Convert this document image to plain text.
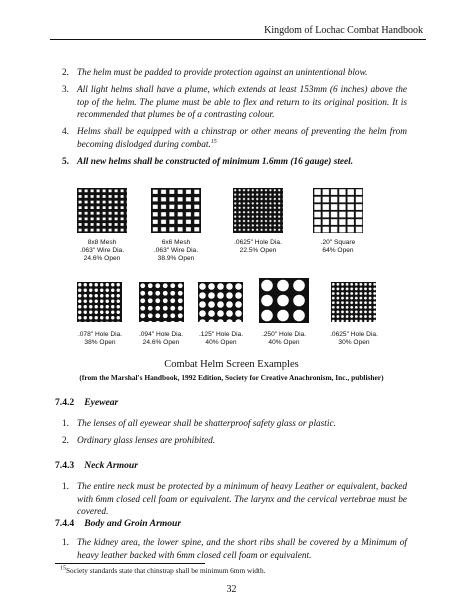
Kingdom of Lochac Combat Handbook
2. The helm must be padded to provide protection against an unintentional blow.
3. All light helms shall have a plume, which extends at least 153mm (6 inches) above the top of the helm. The plume must be able to flex and return to its original position. It is recommended that plumes be of a contrasting colour.
4. Helms shall be equipped with a chinstrap or other means of preventing the helm from becoming dislodged during combat.$^{15}$
5. All new helms shall be constructed of minimum 1.6mm (16 gauge) steel.
8x8 Mesh
.063" Wire Dia.
24.6% Open
6x6 Mesh
.063" Wire Dia.
38.9% Open
.0625" Hole Dia.
22.5% Open
.20" Square
64% Open
.078" Hole Dia.
38% Open
.094" Hole Dia.
24.6% Open
.125" Hole Dia.
40% Open
.250" Hole Dia.
40% Open
.0625" Hole Dia.
30% Open
Combat Helm Screen Examples
(from the Marshal's Handbook, 1992 Edition, Society for Creative Anachronism, Inc., publisher)
7.4.2 Eyewear
1. The lenses of all eyewear shall be shatterproof safety glass or plastic.
2. Ordinary glass lenses are prohibited.
7.4.3 Neck Armour
1. The entire neck must be protected by a minimum of heavy Leather or equivalent, backed with 6mm closed cell foam or equivalent. The larynx and the cervical vertebrae must be covered.
7.4.4 Body and Groin Armour
1. The kidney area, the lower spine, and the short ribs shall be covered by a Minimum of heavy leather backed with 6mm closed cell foam or equivalent.
$^{15}$Society standards state that chinstrap shall be minimum 6mm width.
32
